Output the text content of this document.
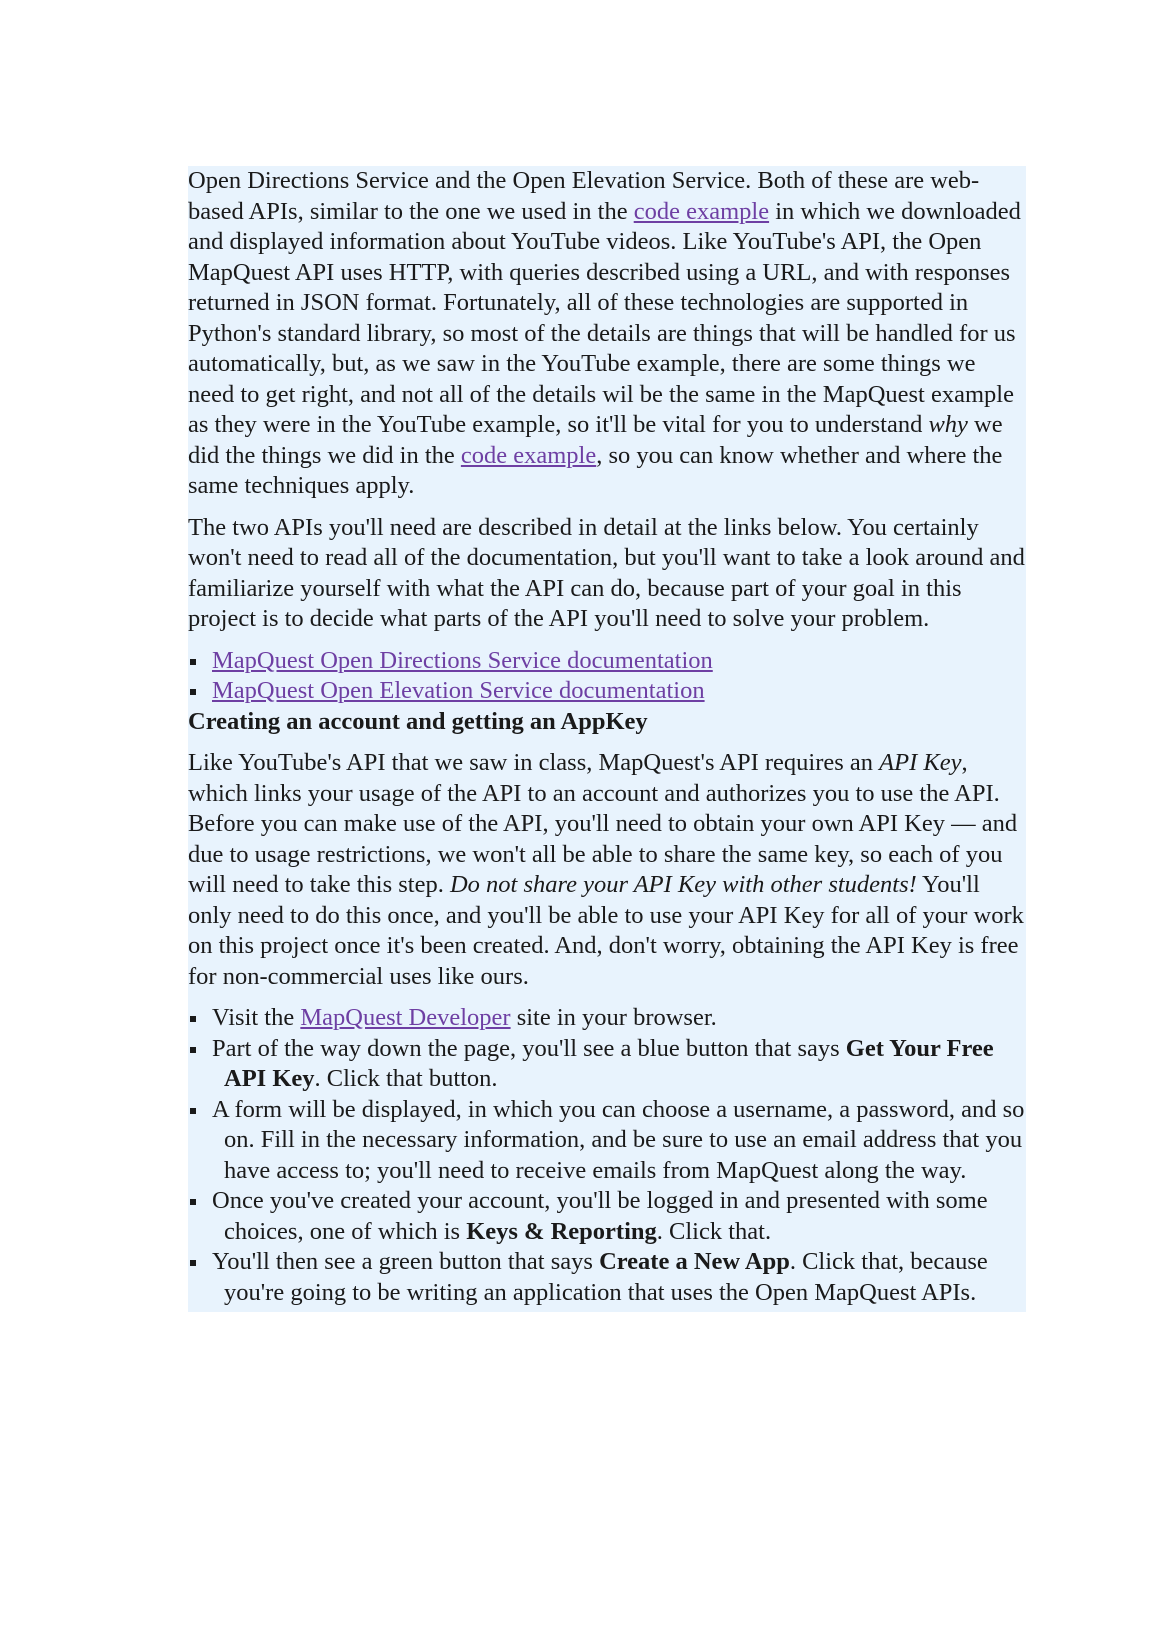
Open Directions Service and the Open Elevation Service. Both of these are web-based APIs, similar to the one we used in the code example in which we downloaded and displayed information about YouTube videos. Like YouTube's API, the Open MapQuest API uses HTTP, with queries described using a URL, and with responses returned in JSON format. Fortunately, all of these technologies are supported in Python's standard library, so most of the details are things that will be handled for us automatically, but, as we saw in the YouTube example, there are some things we need to get right, and not all of the details wil be the same in the MapQuest example as they were in the YouTube example, so it'll be vital for you to understand why we did the things we did in the code example, so you can know whether and where the same techniques apply.

The two APIs you'll need are described in detail at the links below. You certainly won't need to read all of the documentation, but you'll want to take a look around and familiarize yourself with what the API can do, because part of your goal in this project is to decide what parts of the API you'll need to solve your problem.

MapQuest Open Directions Service documentation
MapQuest Open Elevation Service documentation
Creating an account and getting an AppKey

Like YouTube's API that we saw in class, MapQuest's API requires an API Key, which links your usage of the API to an account and authorizes you to use the API. Before you can make use of the API, you'll need to obtain your own API Key — and due to usage restrictions, we won't all be able to share the same key, so each of you will need to take this step. Do not share your API Key with other students! You'll only need to do this once, and you'll be able to use your API Key for all of your work on this project once it's been created. And, don't worry, obtaining the API Key is free for non-commercial uses like ours.

Visit the MapQuest Developer site in your browser.
Part of the way down the page, you'll see a blue button that says Get Your Free API Key. Click that button.
A form will be displayed, in which you can choose a username, a password, and so on. Fill in the necessary information, and be sure to use an email address that you have access to; you'll need to receive emails from MapQuest along the way.
Once you've created your account, you'll be logged in and presented with some choices, one of which is Keys & Reporting. Click that.
You'll then see a green button that says Create a New App. Click that, because you're going to be writing an application that uses the Open MapQuest APIs.
